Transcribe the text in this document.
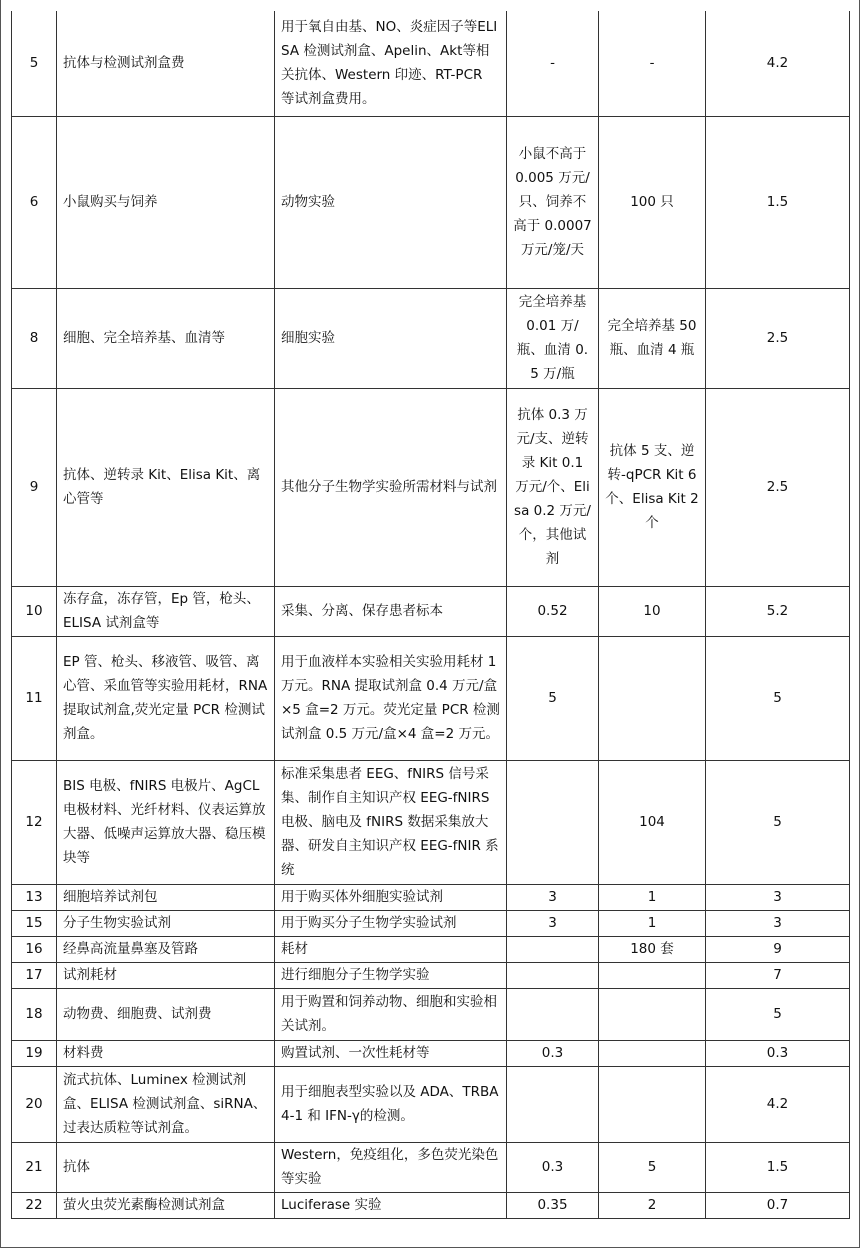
5	抗体与检测试剂盒费	用于氧自由基、NO、炎症因子等ELISA 检测试剂盒、Apelin、Akt等相关抗体、Western 印迹、RT-PCR 等试剂盒费用。	-	-	4.2
6	小鼠购买与饲养	动物实验	小鼠不高于 0.005 万元/只、饲养不高于 0.0007 万元/笼/天	100 只	1.5
8	细胞、完全培养基、血清等	细胞实验	完全培养基 0.01 万/瓶、血清 0.5 万/瓶	完全培养基 50 瓶、血清 4 瓶	2.5
9	抗体、逆转录 Kit、Elisa Kit、离心管等	其他分子生物学实验所需材料与试剂	抗体 0.3 万元/支、逆转录 Kit 0.1 万元/个、Elisa 0.2 万元/个，其他试剂	抗体 5 支、逆转-qPCR Kit 6 个、Elisa Kit 2 个	2.5
10	冻存盒，冻存管，Ep 管，枪头、ELISA 试剂盒等	采集、分离、保存患者标本	0.52	10	5.2
11	EP 管、枪头、移液管、吸管、离心管、采血管等实验用耗材，RNA 提取试剂盒,荧光定量 PCR 检测试剂盒。	用于血液样本实验相关实验用耗材 1 万元。RNA 提取试剂盒 0.4 万元/盒×5 盒=2 万元。荧光定量 PCR 检测试剂盒 0.5 万元/盒×4 盒=2 万元。	5		5
12	BIS 电极、fNIRS 电极片、AgCL 电极材料、光纤材料、仪表运算放大器、低噪声运算放大器、稳压模块等	标准采集患者 EEG、fNIRS 信号采集、制作自主知识产权 EEG-fNIRS 电极、脑电及 fNIRS 数据采集放大器、研发自主知识产权 EEG-fNIR 系统		104	5
13	细胞培养试剂包	用于购买体外细胞实验试剂	3	1	3
15	分子生物实验试剂	用于购买分子生物学实验试剂	3	1	3
16	经鼻高流量鼻塞及管路	耗材		180 套	9
17	试剂耗材	进行细胞分子生物学实验			7
18	动物费、细胞费、试剂费	用于购置和饲养动物、细胞和实验相关试剂。			5
19	材料费	购置试剂、一次性耗材等	0.3		0.3
20	流式抗体、Luminex 检测试剂盒、ELISA 检测试剂盒、siRNA、过表达质粒等试剂盒。	用于细胞表型实验以及 ADA、TRBA4-1 和 IFN-γ的检测。			4.2
21	抗体	Western，免疫组化，多色荧光染色等实验	0.3	5	1.5
22	萤火虫荧光素酶检测试剂盒	Luciferase 实验	0.35	2	0.7
